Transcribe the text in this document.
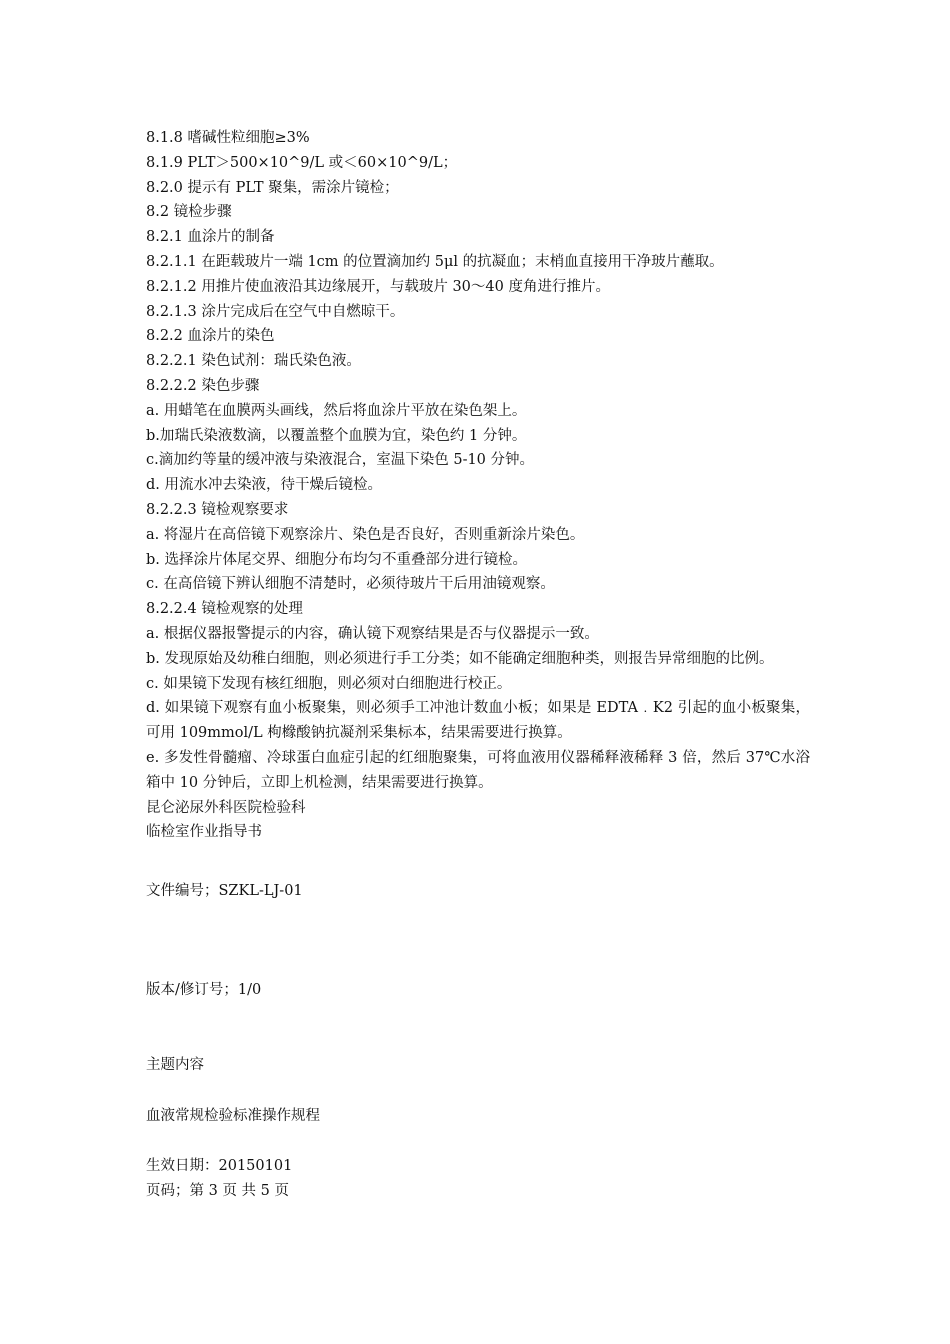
8.1.8 嗜碱性粒细胞≥3%
8.1.9 PLT＞500×10^9/L 或＜60×10^9/L；
8.2.0 提示有 PLT 聚集，需涂片镜检；
8.2 镜检步骤
8.2.1 血涂片的制备
8.2.1.1 在距载玻片一端 1cm 的位置滴加约 5μl 的抗凝血；末梢血直接用干净玻片蘸取。
8.2.1.2 用推片使血液沿其边缘展开，与载玻片 30～40 度角进行推片。
8.2.1.3 涂片完成后在空气中自燃晾干。
8.2.2 血涂片的染色
8.2.2.1 染色试剂：瑞氏染色液。
8.2.2.2 染色步骤
a. 用蜡笔在血膜两头画线，然后将血涂片平放在染色架上。
b.加瑞氏染液数滴，以覆盖整个血膜为宜，染色约 1 分钟。
c.滴加约等量的缓冲液与染液混合，室温下染色 5-10 分钟。
d. 用流水冲去染液，待干燥后镜检。
8.2.2.3 镜检观察要求
a. 将湿片在高倍镜下观察涂片、染色是否良好，否则重新涂片染色。
b. 选择涂片体尾交界、细胞分布均匀不重叠部分进行镜检。
c. 在高倍镜下辨认细胞不清楚时，必须待玻片干后用油镜观察。
8.2.2.4 镜检观察的处理
a. 根据仪器报警提示的内容，确认镜下观察结果是否与仪器提示一致。
b. 发现原始及幼稚白细胞，则必须进行手工分类；如不能确定细胞种类，则报告异常细胞的比例。
c. 如果镜下发现有核红细胞，则必须对白细胞进行校正。
d. 如果镜下观察有血小板聚集，则必须手工冲池计数血小板；如果是 EDTA﹒K2 引起的血小板聚集，可用 109mmol/L 枸橼酸钠抗凝剂采集标本，结果需要进行换算。
e. 多发性骨髓瘤、冷球蛋白血症引起的红细胞聚集，可将血液用仪器稀释液稀释 3 倍，然后 37℃水浴箱中 10 分钟后，立即上机检测，结果需要进行换算。
昆仑泌尿外科医院检验科
临检室作业指导书
文件编号；SZKL-LJ-01
版本/修订号；1/0
主题内容
血液常规检验标准操作规程
生效日期：20150101
页码；第 3 页 共 5 页
